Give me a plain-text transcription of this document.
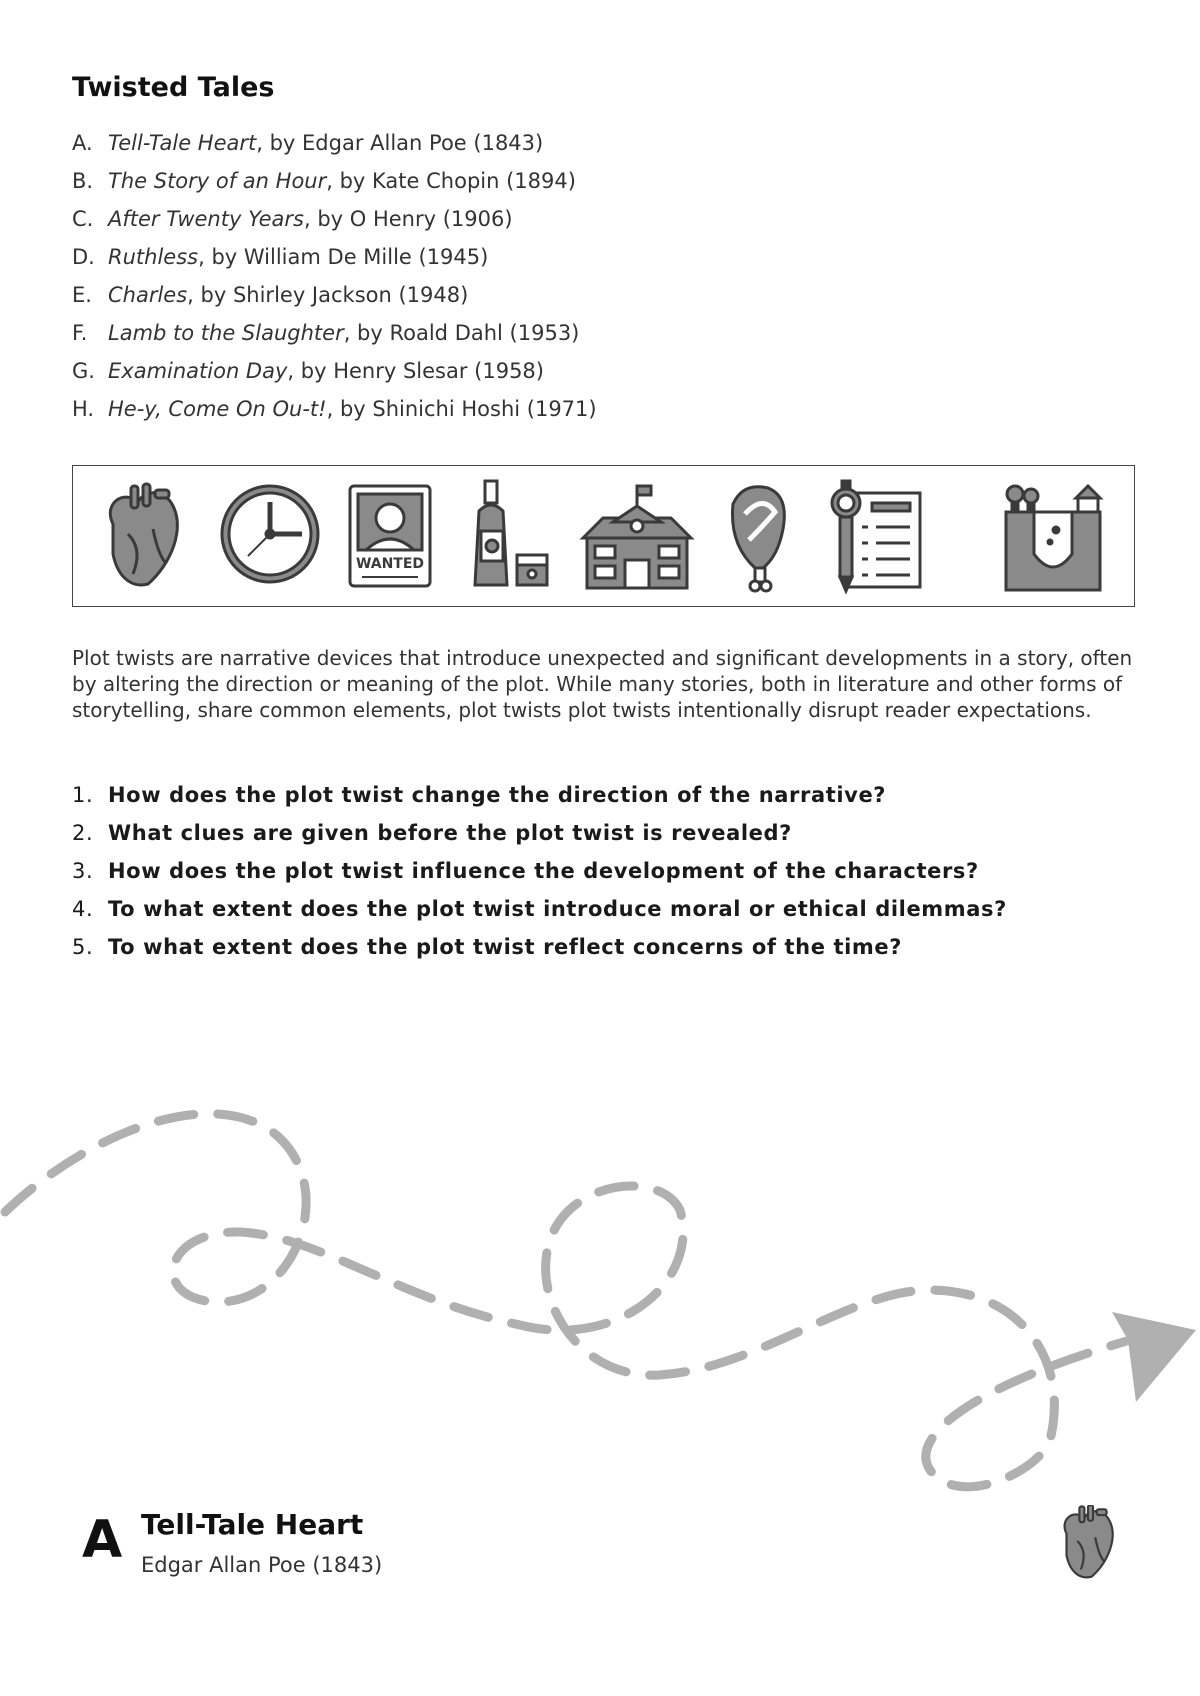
Twisted Tales
A. Tell-Tale Heart , by Edgar Allan Poe (1843)
B. The Story of an Hour , by Kate Chopin (1894)
C. After Twenty Years , by O Henry (1906)
D. Ruthless , by William De Mille (1945)
E. Charles , by Shirley Jackson (1948)
F. Lamb to the Slaughter , by Roald Dahl (1953)
G. Examination Day , by Henry Slesar (1958)
H. He-y, Come On Ou-t! , by Shinichi Hoshi (1971)
WANTED

Plot twists are narrative devices that introduce unexpected and significant developments in a story, often by altering the direction or meaning of the plot. While many stories, both in literature and other forms of storytelling, share common elements, plot twists plot twists intentionally disrupt reader expectations.

1. How does the plot twist change the direction of the narrative?
2. What clues are given before the plot twist is revealed?
3. How does the plot twist influence the development of the characters?
4. To what extent does the plot twist introduce moral or ethical dilemmas?
5. To what extent does the plot twist reflect concerns of the time?
A Tell-Tale Heart
Edgar Allan Poe (1843)
